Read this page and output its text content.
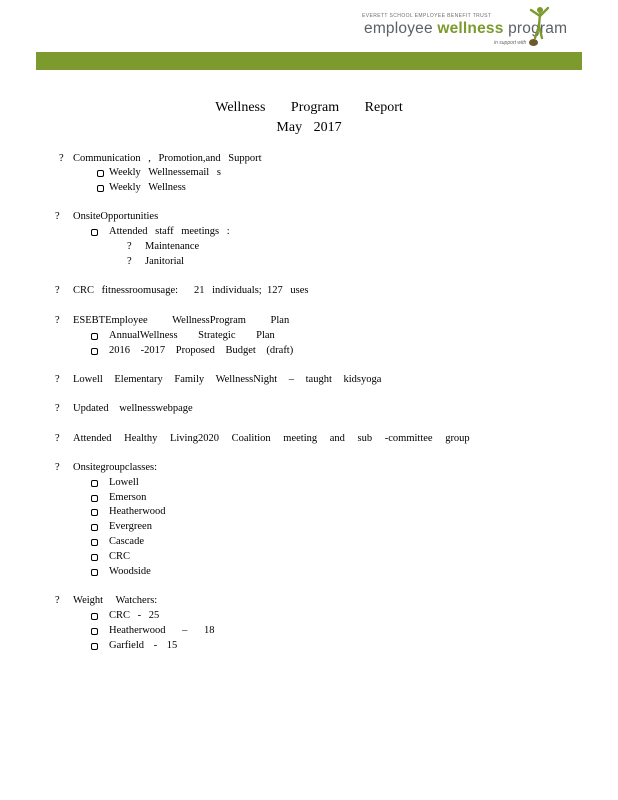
EVERETT SCHOOL EMPLOYEE BENEFIT TRUST
employee wellness program
in support with
Wellness Program Report
May 2017
? Communication , Promotion,and Support
Weekly Wellnessemail s
Weekly Wellness
? OnsiteOpportunities
Attended staff meetings :
? Maintenance
? Janitorial
? CRC fitnessroomusage: 21 individuals; 127 uses
? ESEBTEmployee WellnessProgram Plan
AnnualWellness Strategic Plan
2016 -2017 Proposed Budget (draft)
? Lowell Elementary Family WellnessNight – taught kidsyoga
? Updated wellnesswebpage
? Attended Healthy Living2020 Coalition meeting and sub -committee group
? Onsitegroupclasses:
Lowell
Emerson
Heatherwood
Evergreen
Cascade
CRC
Woodside
? Weight Watchers:
CRC - 25
Heatherwood – 18
Garfield - 15
